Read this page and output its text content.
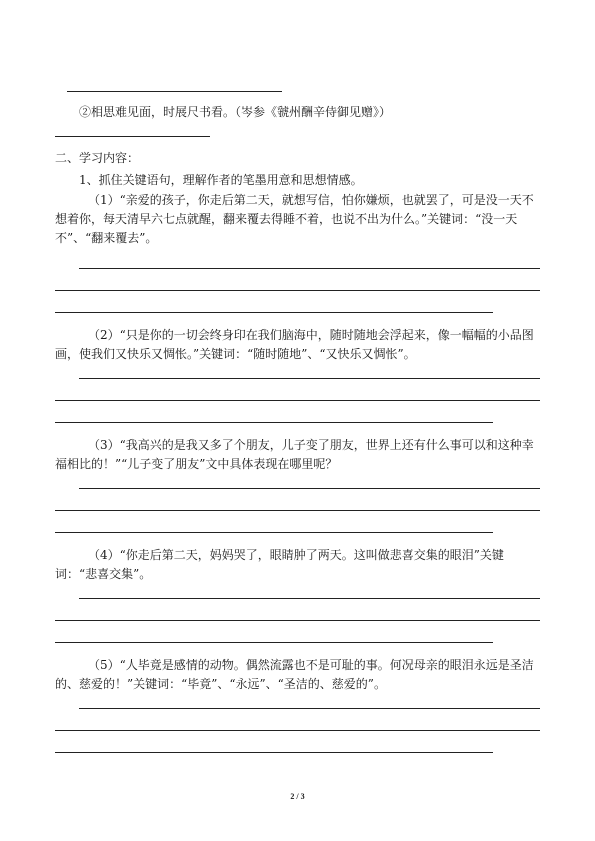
②相思难见面，时展尺书看。（岑参《虢州酬辛侍御见赠》）
二、学习内容：
1、抓住关键语句，理解作者的笔墨用意和思想情感。
（1）“亲爱的孩子，你走后第二天，就想写信，怕你嫌烦，也就罢了，可是没一天不想着你，每天清早六七点就醒，翻来覆去得睡不着，也说不出为什么。”关键词：“没一天不”、“翻来覆去”。
（2）“只是你的一切会终身印在我们脑海中，随时随地会浮起来，像一幅幅的小品图画，使我们又快乐又惆怅。”关键词：“随时随地”、“又快乐又惆怅”。
（3）“我高兴的是我又多了个朋友，儿子变了朋友，世界上还有什么事可以和这种幸福相比的！”“儿子变了朋友”文中具体表现在哪里呢？
（4）“你走后第二天，妈妈哭了，眼睛肿了两天。这叫做悲喜交集的眼泪”关键词：“悲喜交集”。
（5）“人毕竟是感情的动物。偶然流露也不是可耻的事。何况母亲的眼泪永远是圣洁的、慈爱的！”关键词：“毕竟”、“永远”、“圣洁的、慈爱的”。
2 / 3
